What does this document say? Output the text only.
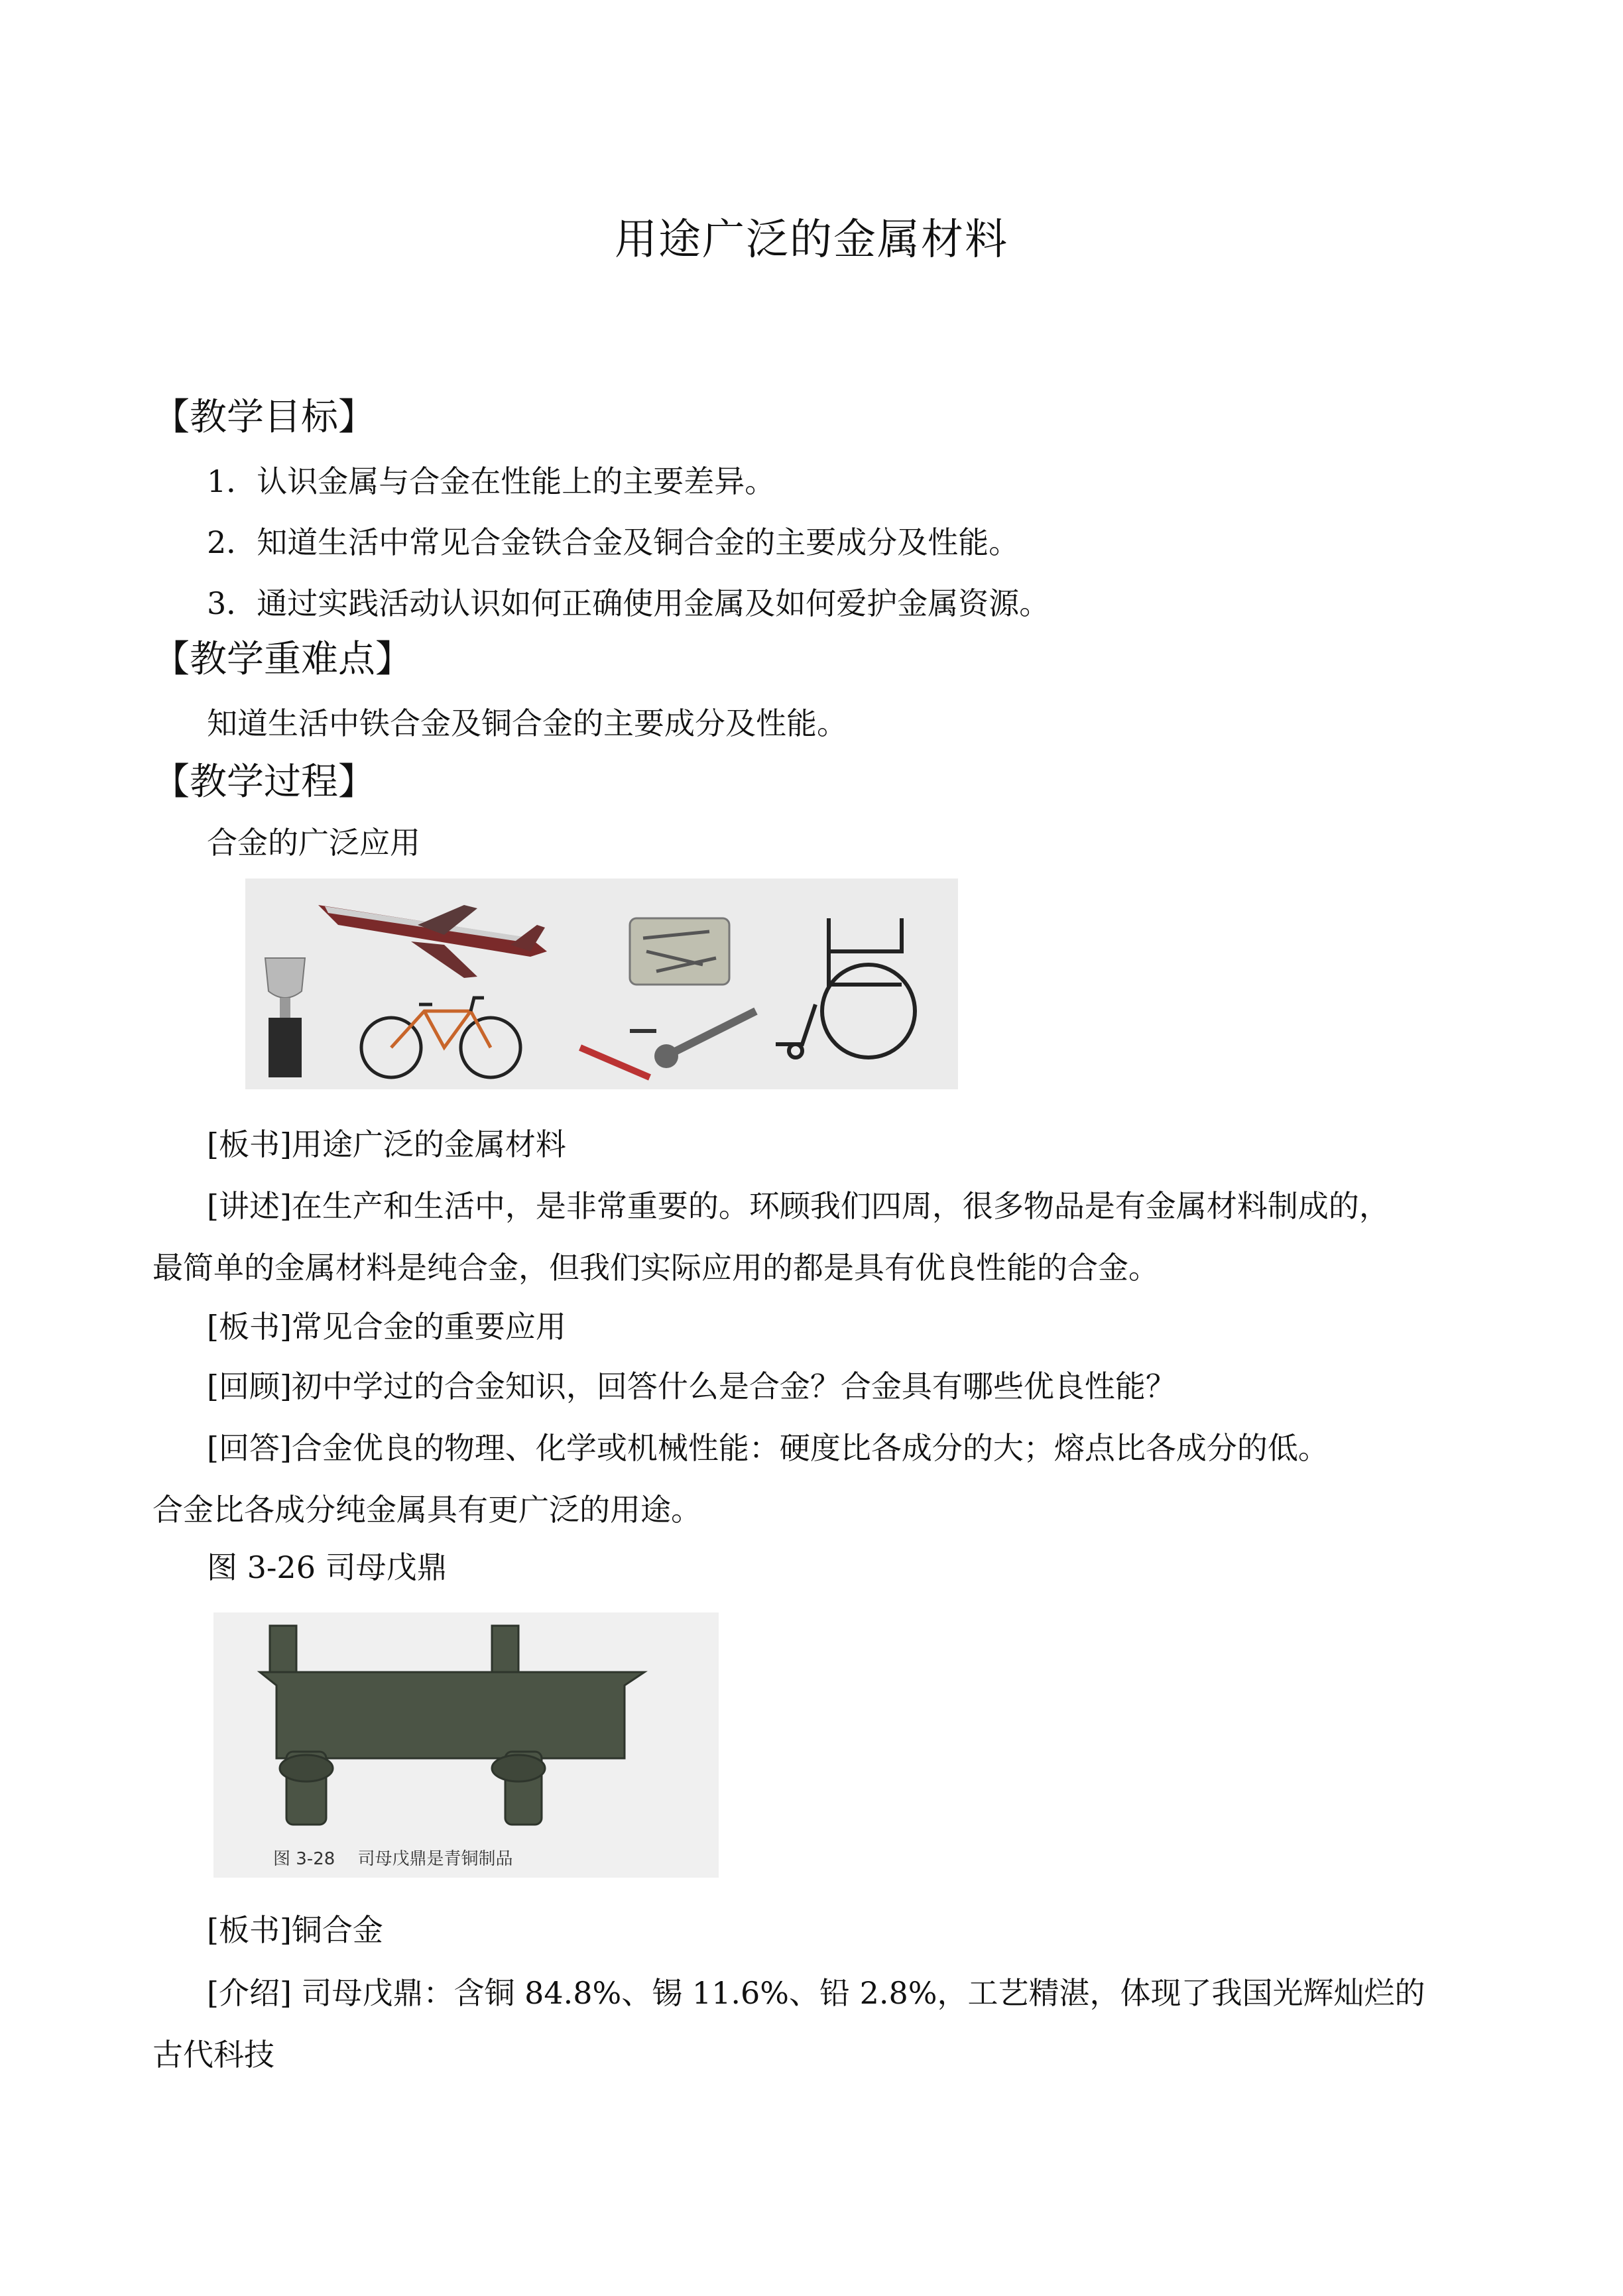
用途广泛的金属材料
【教学目标】
1．认识金属与合金在性能上的主要差异。
2．知道生活中常见合金铁合金及铜合金的主要成分及性能。
3．通过实践活动认识如何正确使用金属及如何爱护金属资源。
【教学重难点】
知道生活中铁合金及铜合金的主要成分及性能。
【教学过程】
合金的广泛应用
[板书]用途广泛的金属材料
[讲述]在生产和生活中，是非常重要的。环顾我们四周，很多物品是有金属材料制成的，
最简单的金属材料是纯合金，但我们实际应用的都是具有优良性能的合金。
[板书]常见合金的重要应用
[回顾]初中学过的合金知识，回答什么是合金？合金具有哪些优良性能？
[回答]合金优良的物理、化学或机械性能：硬度比各成分的大；熔点比各成分的低。
合金比各成分纯金属具有更广泛的用途。
图 3-26 司母戊鼎
图 3-28　 司母戊鼎是青铜制品
[板书]铜合金
[介绍] 司母戊鼎：含铜 84.8%、锡 11.6%、铅 2.8%，工艺精湛，体现了我国光辉灿烂的
古代科技
